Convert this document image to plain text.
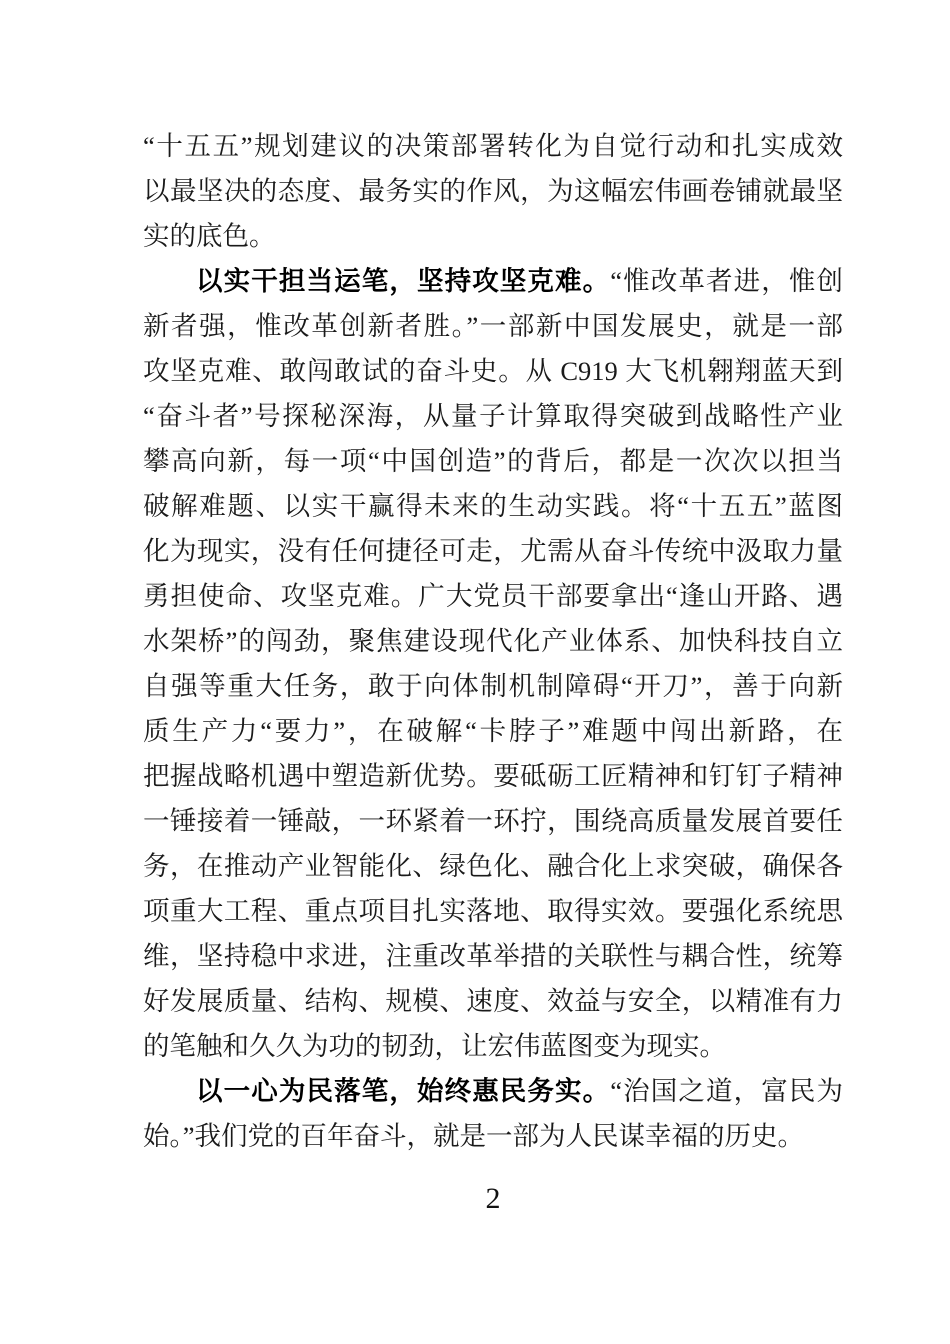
“十五五”规划建议的决策部署转化为自觉行动和扎实成效
以最坚决的态度、最务实的作风，为这幅宏伟画卷铺就最坚
实的底色。
以实干担当运笔，坚持攻坚克难。“惟改革者进，惟创
新者强，惟改革创新者胜。”一部新中国发展史，就是一部
攻坚克难、敢闯敢试的奋斗史。从 C919 大飞机翱翔蓝天到
“奋斗者”号探秘深海，从量子计算取得突破到战略性产业
攀高向新，每一项“中国创造”的背后，都是一次次以担当
破解难题、以实干赢得未来的生动实践。将“十五五”蓝图
化为现实，没有任何捷径可走，尤需从奋斗传统中汲取力量
勇担使命、攻坚克难。广大党员干部要拿出“逢山开路、遇
水架桥”的闯劲，聚焦建设现代化产业体系、加快科技自立
自强等重大任务，敢于向体制机制障碍“开刀”，善于向新
质生产力“要力”，在破解“卡脖子”难题中闯出新路，在
把握战略机遇中塑造新优势。要砥砺工匠精神和钉钉子精神
一锤接着一锤敲，一环紧着一环拧，围绕高质量发展首要任
务，在推动产业智能化、绿色化、融合化上求突破，确保各
项重大工程、重点项目扎实落地、取得实效。要强化系统思
维，坚持稳中求进，注重改革举措的关联性与耦合性，统筹
好发展质量、结构、规模、速度、效益与安全，以精准有力
的笔触和久久为功的韧劲，让宏伟蓝图变为现实。
以一心为民落笔，始终惠民务实。“治国之道，富民为
始。”我们党的百年奋斗，就是一部为人民谋幸福的历史。
2
